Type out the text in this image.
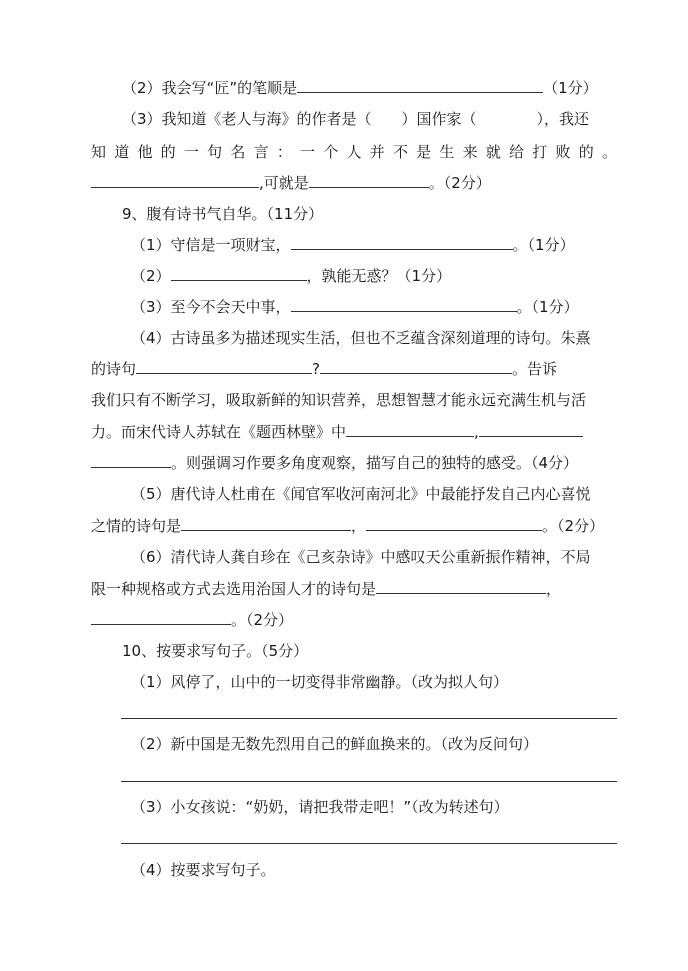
（2）我会写“匠”的笔顺是	（1分）
（3）我知道《老人与海》的作者是（　　）国作家（　　　　），我还
知道他的一句名言：一个人并不是生来就给打败的。
,可就是	。（2分）
9、腹有诗书气自华。（11分）
（1）守信是一项财宝，	。（1分）
（2）	，孰能无惑？（1分）
（3）至今不会天中事，	。（1分）
（4）古诗虽多为描述现实生活，但也不乏蕴含深刻道理的诗句。朱熹
的诗句	?	。告诉
我们只有不断学习，吸取新鲜的知识营养，思想智慧才能永远充满生机与活
力。而宋代诗人苏轼在《题西林壁》中	,
。则强调习作要多角度观察，描写自己的独特的感受。（4分）
（5）唐代诗人杜甫在《闻官军收河南河北》中最能抒发自己内心喜悦
之情的诗句是	，	。（2分）
（6）清代诗人龚自珍在《己亥杂诗》中感叹天公重新振作精神，不局
限一种规格或方式去选用治国人才的诗句是	，
。（2分）
10、按要求写句子。（5分）
（1）风停了，山中的一切变得非常幽静。（改为拟人句）
（2）新中国是无数先烈用自己的鲜血换来的。（改为反问句）
（3）小女孩说：“奶奶，请把我带走吧！”（改为转述句）
（4）按要求写句子。
